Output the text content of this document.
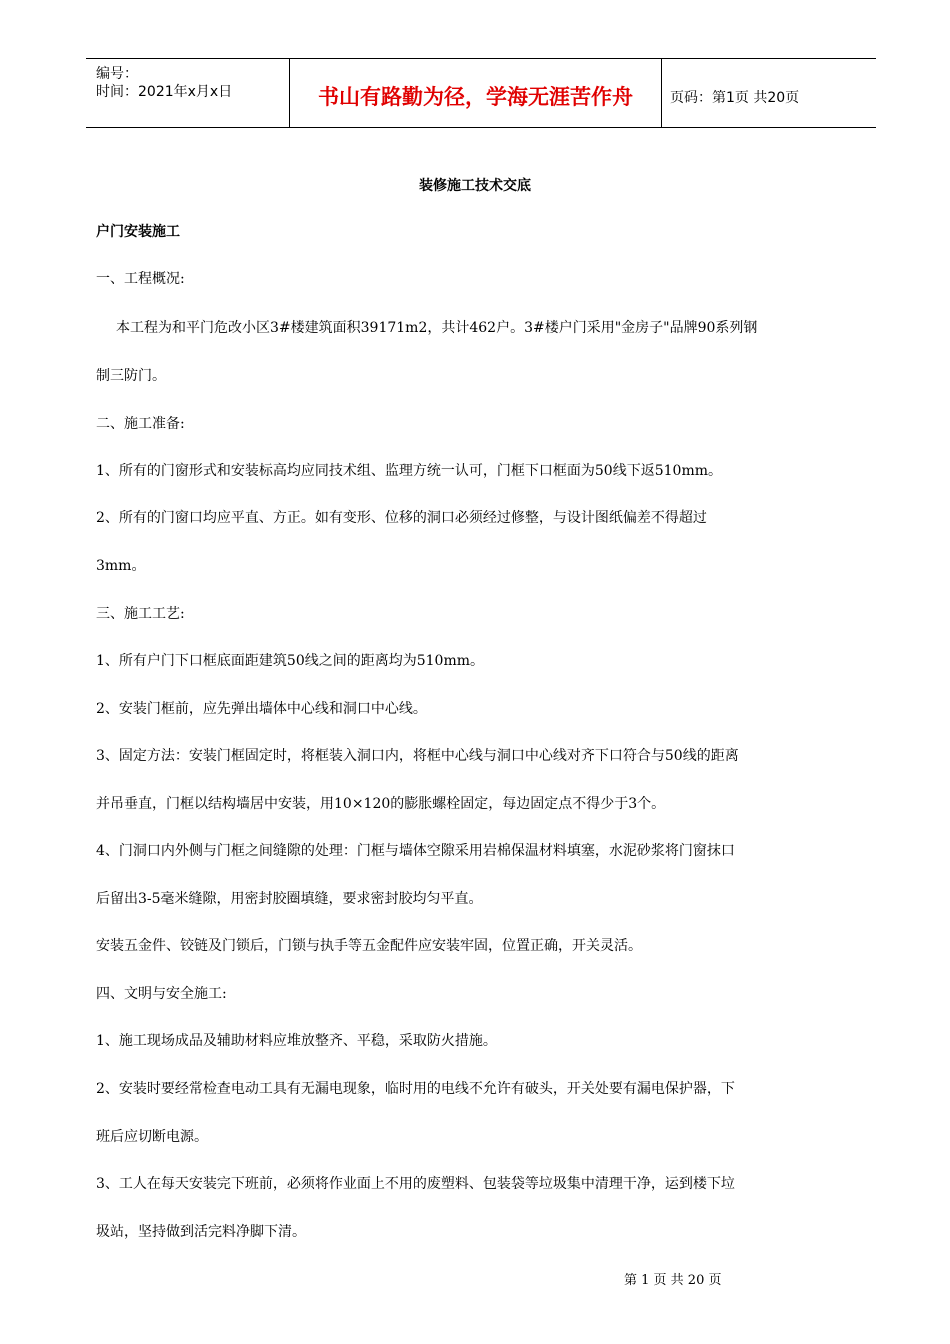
编号：
时间：2021年x月x日	书山有路勤为径，学海无涯苦作舟	页码：第1页 共20页
装修施工技术交底
户门安装施工
一、工程概况:
本工程为和平门危改小区3#楼建筑面积39171m2，共计462户。3#楼户门采用"金房子"品牌90系列钢
制三防门。
二、施工准备:
1、所有的门窗形式和安装标高均应同技术组、监理方统一认可，门框下口框面为50线下返510mm。
2、所有的门窗口均应平直、方正。如有变形、位移的洞口必须经过修整，与设计图纸偏差不得超过
3mm。
三、施工工艺:
1、所有户门下口框底面距建筑50线之间的距离均为510mm。
2、安装门框前，应先弹出墙体中心线和洞口中心线。
3、固定方法：安装门框固定时，将框装入洞口内，将框中心线与洞口中心线对齐下口符合与50线的距离
并吊垂直，门框以结构墙居中安装，用10×120的膨胀螺栓固定，每边固定点不得少于3个。
4、门洞口内外侧与门框之间缝隙的处理：门框与墙体空隙采用岩棉保温材料填塞，水泥砂浆将门窗抹口
后留出3-5毫米缝隙，用密封胶圈填缝，要求密封胶均匀平直。
安装五金件、铰链及门锁后，门锁与执手等五金配件应安装牢固，位置正确，开关灵活。
四、文明与安全施工:
1、施工现场成品及辅助材料应堆放整齐、平稳，采取防火措施。
2、安装时要经常检查电动工具有无漏电现象，临时用的电线不允许有破头，开关处要有漏电保护器，下
班后应切断电源。
3、工人在每天安装完下班前，必须将作业面上不用的废塑料、包装袋等垃圾集中清理干净，运到楼下垃
圾站，坚持做到活完料净脚下清。
第 1 页 共 20 页
